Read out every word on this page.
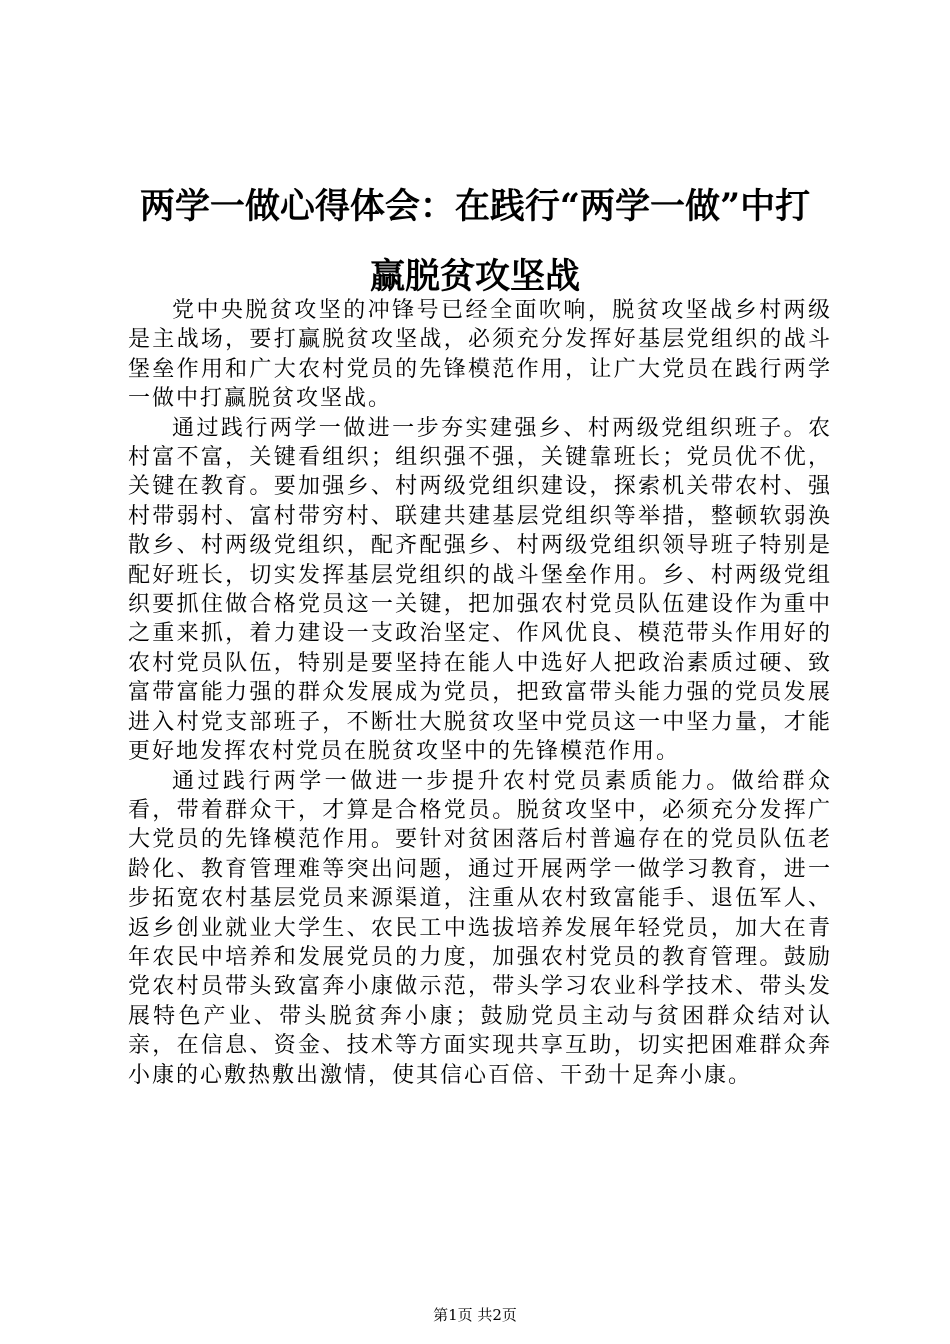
两学一做心得体会：在践行“两学一做”中打
赢脱贫攻坚战

党中央脱贫攻坚的冲锋号已经全面吹响，脱贫攻坚战乡村两级是主战场，要打赢脱贫攻坚战，必须充分发挥好基层党组织的战斗堡垒作用和广大农村党员的先锋模范作用，让广大党员在践行两学一做中打赢脱贫攻坚战。

通过践行两学一做进一步夯实建强乡、村两级党组织班子。农村富不富，关键看组织；组织强不强，关键靠班长；党员优不优，关键在教育。要加强乡、村两级党组织建设，探索机关带农村、强村带弱村、富村带穷村、联建共建基层党组织等举措，整顿软弱涣散乡、村两级党组织，配齐配强乡、村两级党组织领导班子特别是配好班长，切实发挥基层党组织的战斗堡垒作用。乡、村两级党组织要抓住做合格党员这一关键，把加强农村党员队伍建设作为重中之重来抓，着力建设一支政治坚定、作风优良、模范带头作用好的农村党员队伍，特别是要坚持在能人中选好人把政治素质过硬、致富带富能力强的群众发展成为党员，把致富带头能力强的党员发展进入村党支部班子，不断壮大脱贫攻坚中党员这一中坚力量，才能更好地发挥农村党员在脱贫攻坚中的先锋模范作用。

通过践行两学一做进一步提升农村党员素质能力。做给群众看，带着群众干，才算是合格党员。脱贫攻坚中，必须充分发挥广大党员的先锋模范作用。要针对贫困落后村普遍存在的党员队伍老龄化、教育管理难等突出问题，通过开展两学一做学习教育，进一步拓宽农村基层党员来源渠道，注重从农村致富能手、退伍军人、返乡创业就业大学生、农民工中选拔培养发展年轻党员，加大在青年农民中培养和发展党员的力度，加强农村党员的教育管理。鼓励党农村员带头致富奔小康做示范，带头学习农业科学技术、带头发展特色产业、带头脱贫奔小康；鼓励党员主动与贫困群众结对认亲，在信息、资金、技术等方面实现共享互助，切实把困难群众奔小康的心敷热敷出激情，使其信心百倍、干劲十足奔小康。

第1页 共2页
